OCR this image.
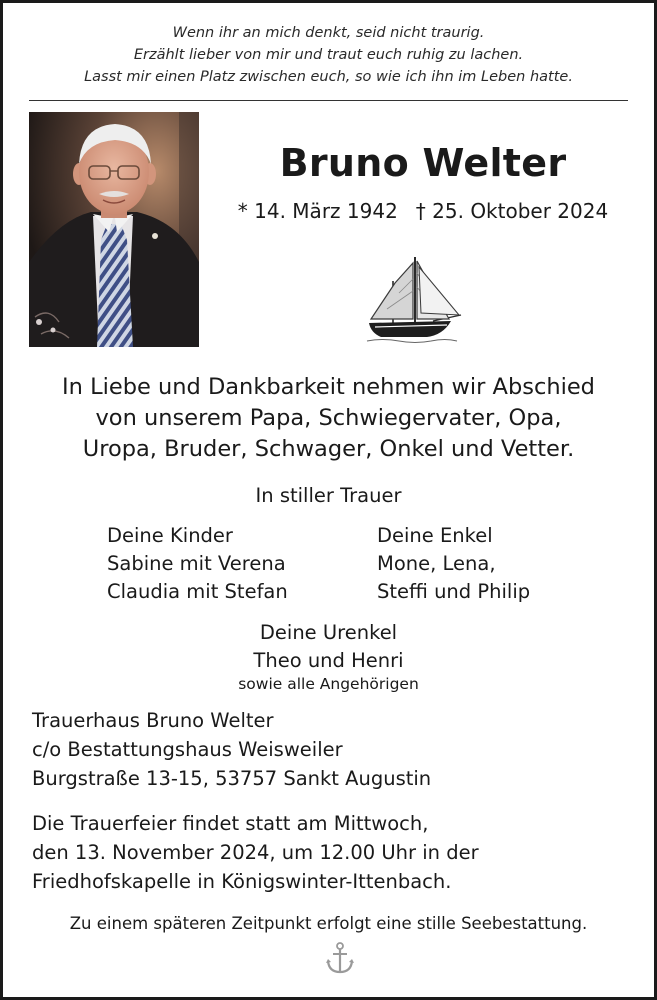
Wenn ihr an mich denkt, seid nicht traurig.
Erzählt lieber von mir und traut euch ruhig zu lachen.
Lasst mir einen Platz zwischen euch, so wie ich ihn im Leben hatte.
Bruno Welter
* 14. März 1942 † 25. Oktober 2024
In Liebe und Dankbarkeit nehmen wir Abschied
von unserem Papa, Schwiegervater, Opa,
Uropa, Bruder, Schwager, Onkel und Vetter.
In stiller Trauer
Deine Kinder
Sabine mit Verena
Claudia mit Stefan
Deine Enkel
Mone, Lena,
Steffi und Philip
Deine Urenkel
Theo und Henri
sowie alle Angehörigen
Trauerhaus Bruno Welter
c/o Bestattungshaus Weisweiler
Burgstraße 13-15, 53757 Sankt Augustin
Die Trauerfeier findet statt am Mittwoch,
den 13. November 2024, um 12.00 Uhr in der
Friedhofskapelle in Königswinter-Ittenbach.
Zu einem späteren Zeitpunkt erfolgt eine stille Seebestattung.
